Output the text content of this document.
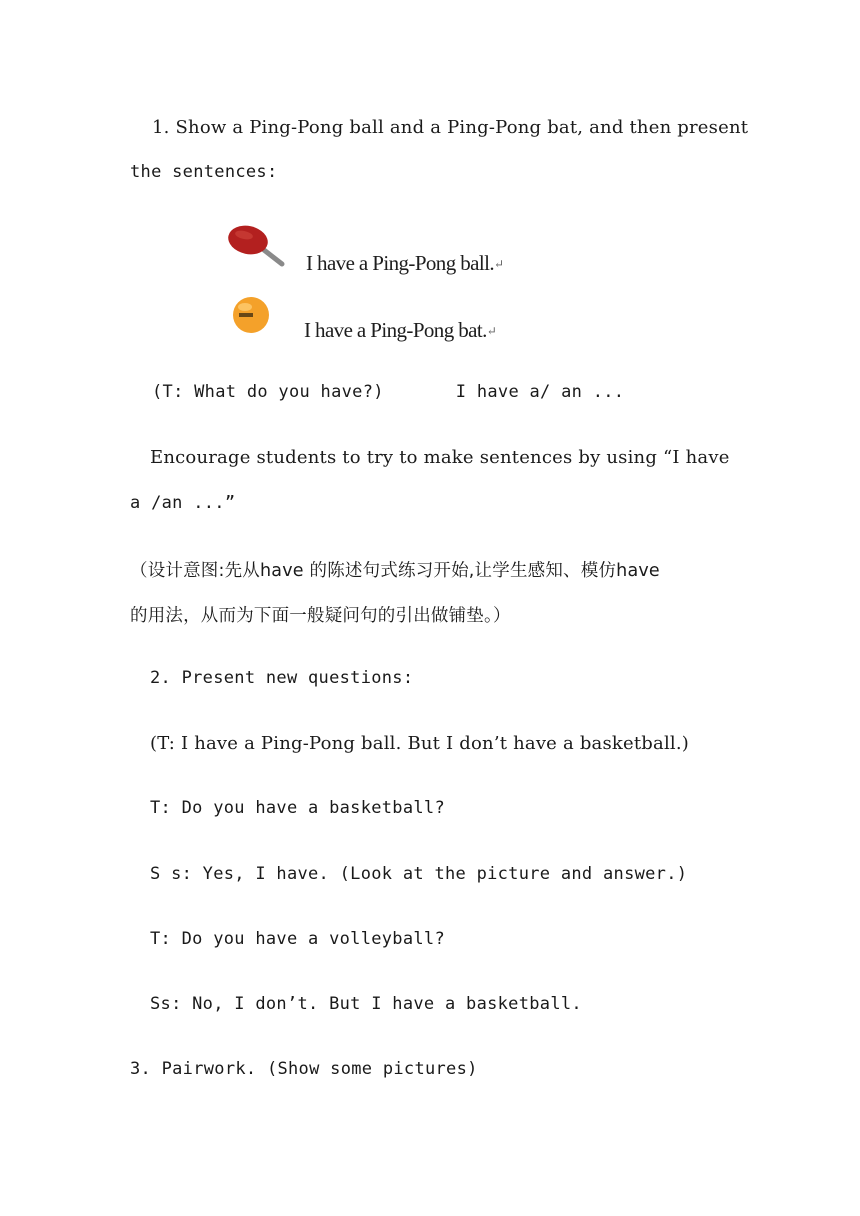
1. Show a Ping-Pong ball and a Ping-Pong bat, and then present
the sentences:
I have a Ping-Pong ball.↵
I have a Ping-Pong bat.↵
(T: What do you have?)	I have a/ an ...
Encourage students to try to make sentences by using “I have
a /an ...”
（设计意图:先从have 的陈述句式练习开始,让学生感知、模仿have
的用法，从而为下面一般疑问句的引出做铺垫。）
2. Present new questions:
(T: I have a Ping-Pong ball. But I don’t have a basketball.)
T: Do you have a basketball?
S s: Yes, I have. (Look at the picture and answer.)
T: Do you have a volleyball?
Ss: No, I don’t. But I have a basketball.
3. Pairwork. (Show some pictures)
